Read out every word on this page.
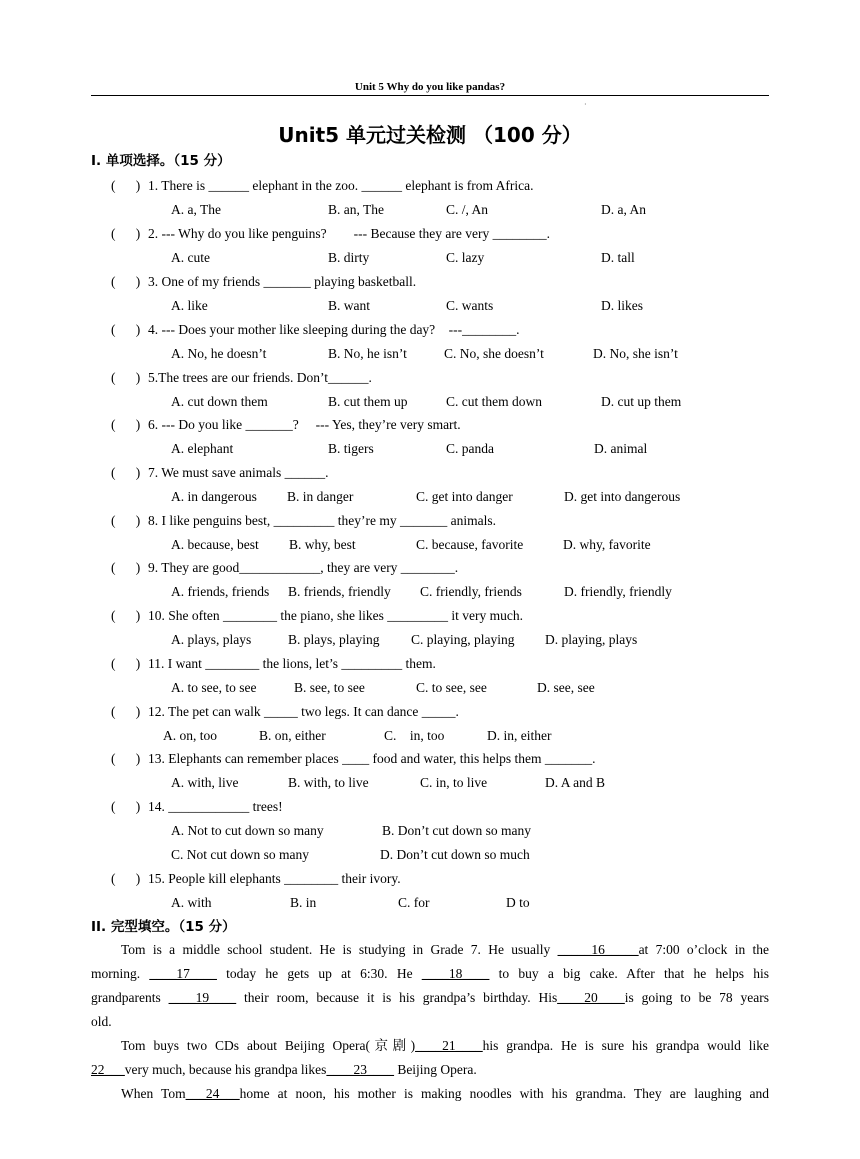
Unit 5 Why do you like pandas?
·
Unit5 单元过关检测 （100 分）
I. 单项选择。（15 分）
(      ) 1. There is ______ elephant in the zoo. ______ elephant is from Africa.
A. a, The	B. an, The	C. /, An	D. a, An
(      ) 2. --- Why do you like penguins?        --- Because they are very ________.
A. cute	B. dirty	C. lazy	D. tall
(      ) 3. One of my friends _______ playing basketball.
A. like	B. want	C. wants	D. likes
(      ) 4. --- Does your mother like sleeping during the day?    ---________.
A. No, he doesn’t	B. No, he isn’t	C. No, she doesn’t	D. No, she isn’t
(      ) 5.The trees are our friends. Don’t______.
A. cut down them	B. cut them up	C. cut them down	D. cut up them
(      ) 6. --- Do you like _______?     --- Yes, they’re very smart.
A. elephant	B. tigers	C. panda	D. animal
(      ) 7. We must save animals ______.
A. in dangerous B. in danger	C. get into danger	D. get into dangerous
(      ) 8. I like penguins best, _________ they’re my _______ animals.
A. because, best B. why, best	C. because, favorite	D. why, favorite
(      ) 9. They are good____________, they are very ________.
A. friends, friends B. friends, friendly C. friendly, friends	D. friendly, friendly
(      ) 10. She often ________ the piano, she likes _________ it very much.
A. plays, plays	B. plays, playing C. playing, playing D. playing, plays
(      ) 11. I want ________ the lions, let’s _________ them.
A. to see, to see	B. see, to see	C. to see, see	D. see, see
(      ) 12. The pet can walk _____ two legs. It can dance _____.
A. on, too	B. on, either	C.    in, too	D. in, either
(      ) 13. Elephants can remember places ____ food and water, this helps them _______.
A. with, live	B. with, to live	C. in, to live	D. A and B
(      ) 14. ____________ trees!
A. Not to cut down so many	B. Don’t cut down so many
C. Not cut down so many	D. Don’t cut down so much
(      ) 15. People kill elephants ________ their ivory.
A. with	B. in	C. for	D to
II. 完型填空。（15 分）
Tom is a middle school student. He is studying in Grade 7. He usually _____16_____at 7:00 o’clock in the
morning. ____17____ today he gets up at 6:30. He ____18____ to buy a big cake. After that he helps his
grandparents ____19____ their room, because it is his grandpa’s birthday. His____20____is going to be 78 years
old.
Tom buys two CDs about Beijing Opera(京剧)____21____his grandpa. He is sure his grandpa would like
22___very much, because his grandpa likes____23____ Beijing Opera.
When Tom___24___home at noon, his mother is making noodles with his grandma. They are laughing and
